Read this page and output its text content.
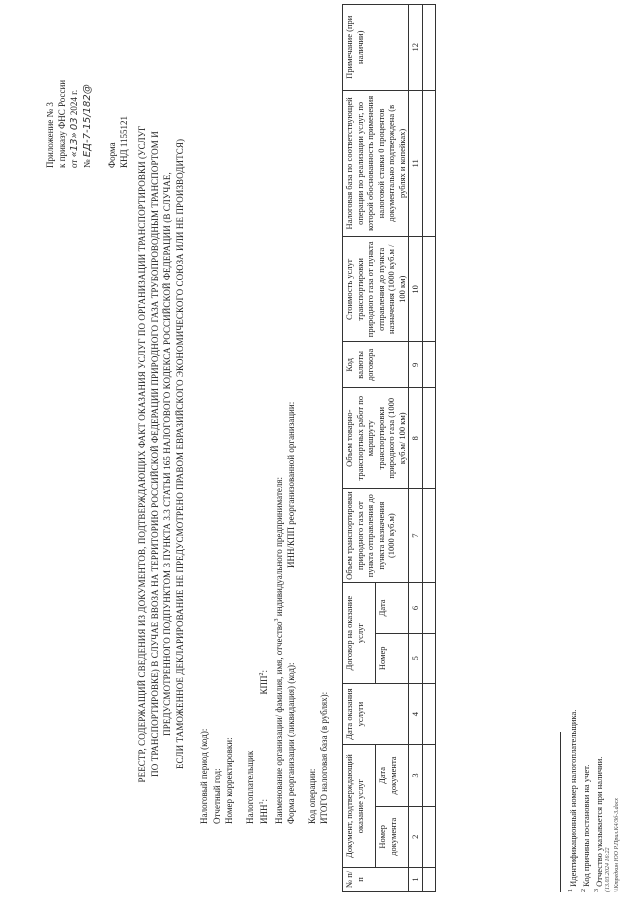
Приложение № 3 к приказу ФНС России от «13» 03 2024 г.
№ ЕД-7-15/182@ Форма КНД 1155121 РЕЕСТР, СОДЕРЖАЩИЙ СВЕДЕНИЯ ИЗ ДОКУМЕНТОВ, ПОДТВЕРЖДАЮЩИХ ФАКТ ОКАЗАНИЯ УСЛУГ ПО ОРГАНИЗАЦИИ ТРАНСПОРТИРОВКИ (УСЛУГ ПО ТРАНСПОРТИРОВКЕ) В СЛУЧАЕ ВВОЗА НА ТЕРРИТОРИЮ РОССИЙСКОЙ ФЕДЕРАЦИИ ПРИРОДНОГО ГАЗА ТРУБОПРОВОДНЫМ ТРАНСПОРТОМ И ПРЕДУСМОТРЕННОГО ПОДПУНКТОМ 3 ПУНКТА 3.3 СТАТЬИ 165 НАЛОГОВОГО КОДЕКСА РОССИЙСКОЙ ФЕДЕРАЦИИ (В СЛУЧАЕ, ЕСЛИ ТАМОЖЕННОЕ ДЕКЛАРИРОВАНИЕ НЕ ПРЕДУСМОТРЕНО ПРАВОМ ЕВРАЗИЙСКОГО ЭКОНОМИЧЕСКОГО СОЮЗА ИЛИ НЕ ПРОИЗВОДИТСЯ)
Налоговый период (код): Отчетный год: Номер корректировки: Налогоплательщик ИНН$^1$:  КПП$^2$: Наименование организации/ фамилия, имя, отчество$^3$ индивидуального предпринимателя:
Форма реорганизации (ликвидация) (код):  ИНН/КПП реорганизованной организации:
Код операции: ИТОГО налоговая база (в рублях):
№ п/п	Документ, подтверждающий оказание услуг		Дата оказания услуги	Договор на оказание услуг		Объем транспортировки природного газа от пункта отправления до пункта назначения (1000 куб.м)	Объем товарно-транспортных работ по маршруту транспортировки природного газа (1000 куб.м/ 100 км)	Код валюты договора	Стоимость услуг транспортировки природного газа от пункта отправления до пункта назначения (1000 куб.м / 100 км)	Налоговая база по соответствующей операции по реализации услуг, по которой обоснованность применения налоговой ставки 0 процентов документально подтверждена (в рублях и копейках)	Примечание (при наличии)
	Номер документа	Дата документа		Номер	Дата						
1	2	3	4	5	6	7	8	9	10	11	12

$^1$ Идентификационный номер налогоплательщика.
$^2$ Код причины постановки на учет.
$^3$ Отчество указывается при наличии. (13.03.2024 16:22 \\Kтредкин ЮО Р.Прил.К4/3б-3.docx
